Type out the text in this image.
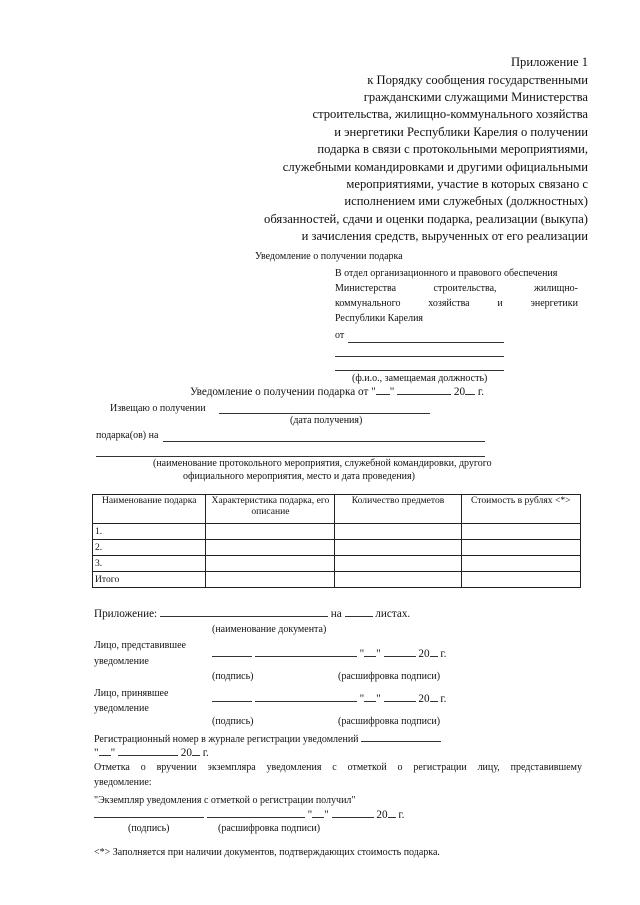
Приложение 1
к Порядку сообщения государственными
гражданскими служащими Министерства
строительства, жилищно-коммунального хозяйства
и энергетики Республики Карелия о получении
подарка в связи с протокольными мероприятиями,
служебными командировками и другими официальными
мероприятиями, участие в которых связано с
исполнением ими служебных (должностных)
обязанностей, сдачи и оценки подарка, реализации (выкупа)
и зачисления средств, вырученных от его реализации
Уведомление о получении подарка
В отдел организационного и правового обеспечения
Министерства	строительства,	жилищно-
коммунального	хозяйства	и	энергетики
Республики Карелия
от
(ф.и.о., замещаемая должность)
Уведомление о получении подарка от " "	20 г.
Извещаю о получении
(дата получения)
подарка(ов) на
(наименование протокольного мероприятия, служебной командировки, другого
официального мероприятия, место и дата проведения)
Наименование подарка	Характеристика подарка, его описание	Количество предметов	Стоимость в рублях <*>
1.			
2.			
3.			
Итого			
Приложение:	на	листах.
(наименование документа)
Лицо, представившее
уведомление
" "	20 г.
(подпись)	(расшифровка подписи)
Лицо, принявшее
уведомление
" "	20 г.
(подпись)	(расшифровка подписи)
Регистрационный номер в журнале регистрации уведомлений
" "	20 г.
Отметка о вручении экземпляра уведомления с отметкой о регистрации лицу, представившему
уведомление:
"Экземпляр уведомления с отметкой о регистрации получил"
" "	20 г.
(подпись)	(расшифровка подписи)
<*> Заполняется при наличии документов, подтверждающих стоимость подарка.
